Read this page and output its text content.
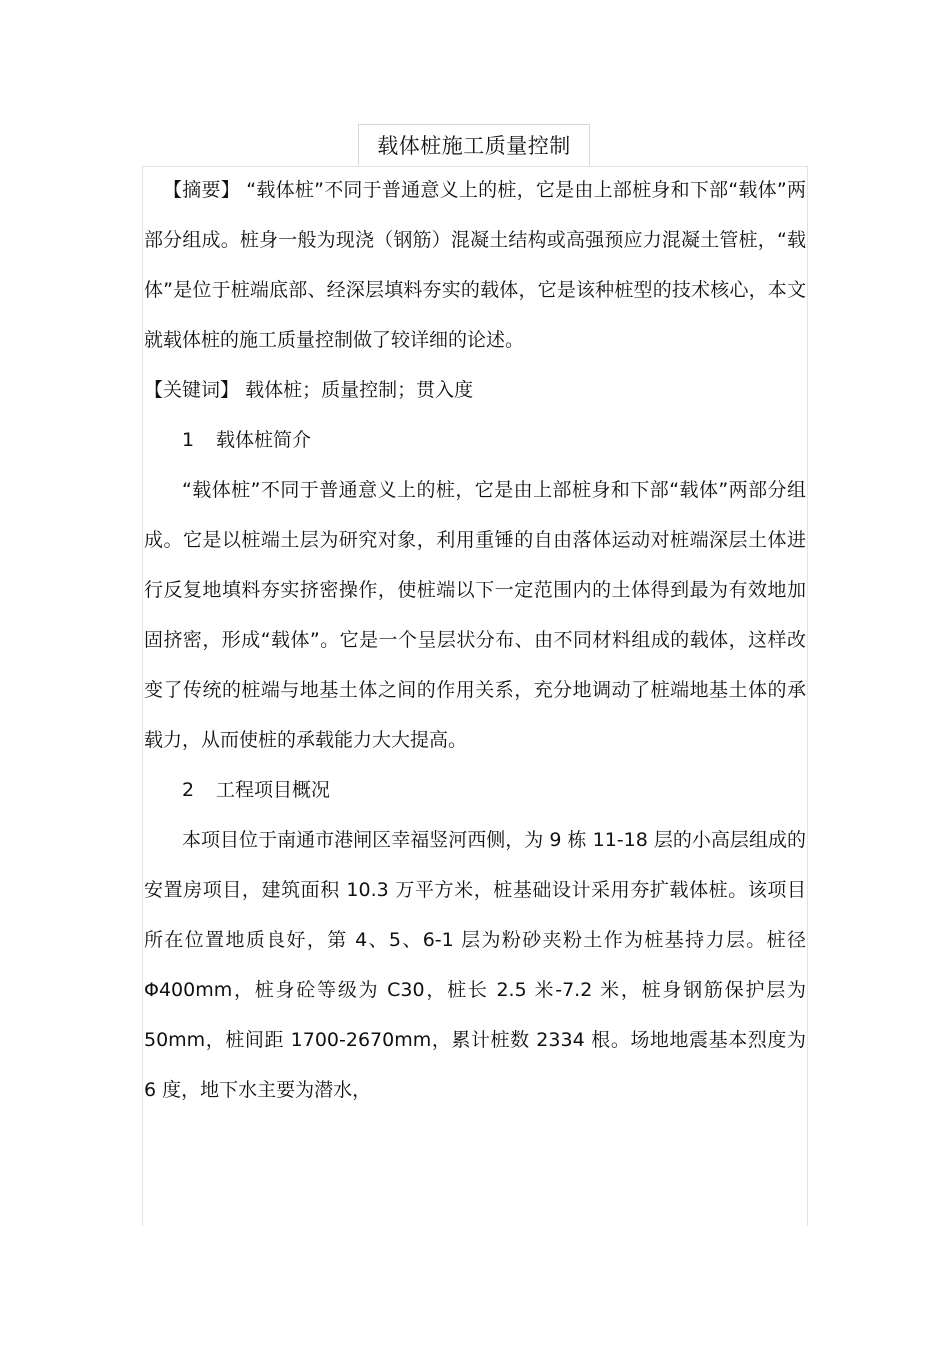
载体桩施工质量控制

【摘要】 “载体桩”不同于普通意义上的桩，它是由上部桩身和下部“载体”两部分组成。桩身一般为现浇（钢筋）混凝土结构或高强预应力混凝土管桩，“载体”是位于桩端底部、经深层填料夯实的载体，它是该种桩型的技术核心，本文就载体桩的施工质量控制做了较详细的论述。

【关键词】 载体桩；质量控制；贯入度

1 载体桩简介

“载体桩”不同于普通意义上的桩，它是由上部桩身和下部“载体”两部分组成。它是以桩端土层为研究对象，利用重锤的自由落体运动对桩端深层土体进行反复地填料夯实挤密操作，使桩端以下一定范围内的土体得到最为有效地加固挤密，形成“载体”。它是一个呈层状分布、由不同材料组成的载体，这样改变了传统的桩端与地基土体之间的作用关系，充分地调动了桩端地基土体的承载力，从而使桩的承载能力大大提高。

2 工程项目概况

本项目位于南通市港闸区幸福竖河西侧，为 9 栋 11-18 层的小高层组成的安置房项目，建筑面积 10.3 万平方米，桩基础设计采用夯扩载体桩。该项目所在位置地质良好，第 4、5、6-1 层为粉砂夹粉土作为桩基持力层。桩径 Φ400mm，桩身砼等级为 C30，桩长 2.5 米-7.2 米，桩身钢筋保护层为 50mm，桩间距 1700-2670mm，累计桩数 2334 根。场地地震基本烈度为 6 度，地下水主要为潜水，
